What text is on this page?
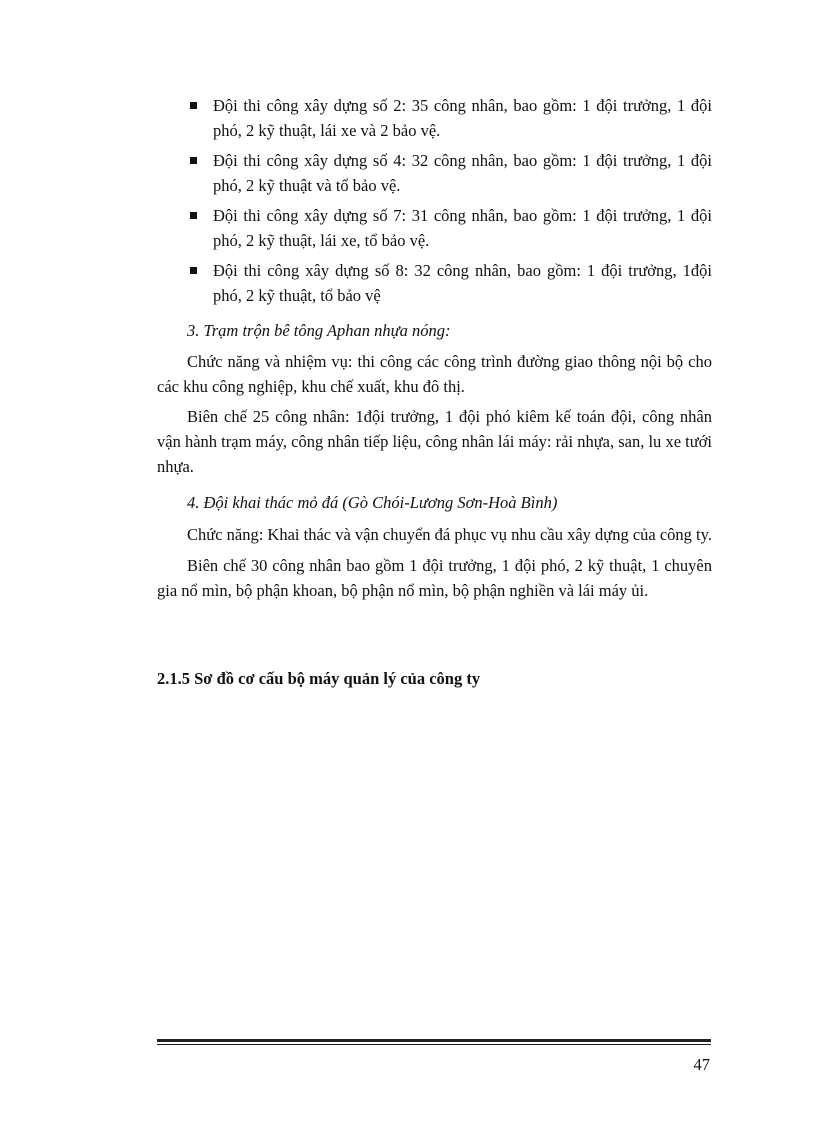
Đội thi công xây dựng số 2: 35 công nhân, bao gồm: 1 đội trưởng, 1 đội phó, 2 kỹ thuật, lái xe và 2 bảo vệ.
Đội thi công xây dựng số 4: 32 công nhân, bao gồm: 1 đội trưởng, 1 đội phó, 2 kỹ thuật và tổ bảo vệ.
Đội thi công xây dựng số 7: 31 công nhân, bao gồm: 1 đội trưởng, 1 đội phó, 2 kỹ thuật, lái xe, tổ bảo vệ.
Đội thi công xây dựng số 8: 32 công nhân, bao gồm: 1 đội trưởng, 1đội phó, 2 kỹ thuật, tổ bảo vệ
3. Trạm trộn bê tông Aphan nhựa nóng:
Chức năng và nhiệm vụ: thi công các công trình đường giao thông nội bộ cho các khu công nghiệp, khu chế xuất, khu đô thị.
Biên chế 25 công nhân: 1đội trưởng, 1 đội phó kiêm kế toán đội, công nhân vận hành trạm máy, công nhân tiếp liệu, công nhân lái máy: rải nhựa, san, lu xe tưới nhựa.
4. Đội khai thác mỏ đá (Gò Chói-Lương Sơn-Hoà Bình)
Chức năng: Khai thác và vận chuyển đá phục vụ nhu cầu xây dựng của công ty.
Biên chế 30 công nhân bao gồm 1 đội trưởng, 1 đội phó, 2 kỹ thuật, 1 chuyên gia nổ mìn, bộ phận khoan, bộ phận nổ mìn, bộ phận nghiền và lái máy ủi.
2.1.5 Sơ đồ cơ cấu bộ máy quản lý của công ty
47
